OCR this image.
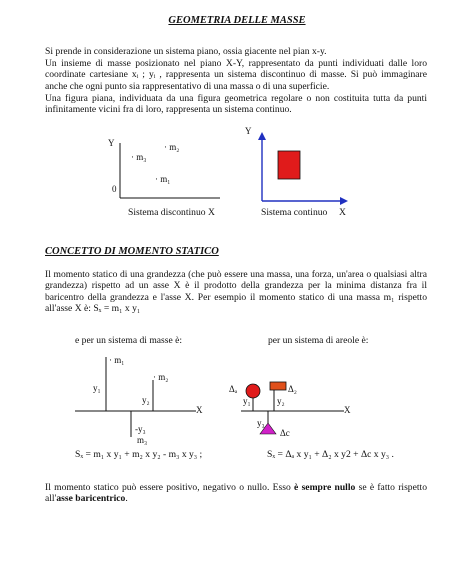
GEOMETRIA DELLE MASSE
Si prende in considerazione un sistema piano, ossia giacente nel pian x-y.
Un insieme di masse posizionato nel piano X-Y, rappresentato da punti individuati dalle loro coordinate cartesiane xᵢ ; yᵢ , rappresenta un sistema discontinuo di masse. Si può immaginare anche che ogni punto sia rappresentativo di una massa o di una superficie.
Una figura piana, individuata da una figura geometrica regolare o non costituita tutta da punti infinitamente vicini fra di loro, rappresenta un sistema continuo.
Y
0
· m₂
· m₃
· m₁
Sistema discontinuo X
Y
Sistema continuo X
CONCETTO DI MOMENTO STATICO
Il momento statico di una grandezza (che può essere una massa, una forza, un'area o qualsiasi altra grandezza) rispetto ad un asse X è il prodotto della grandezza per la minima distanza fra il baricentro della grandezza e l'asse X. Per esempio il momento statico di una massa m₁ rispetto all'asse X è: Sₓ = m₁ x y₁
e per un sistema di masse è:
· m₁
· m₂
y₁
y₂
X
-y₃
m₃
Sₓ = m₁ x y₁ + m₂ x y₂ - m₃ x y₃ ;
per un sistema di areole è:
Δₐ	Δ₂
y₁	y₂
X
y₃
Δc
Sₓ = Δₐ x y₁ + Δ₂ x y2 + Δc x y₃ .
Il momento statico può essere positivo, negativo o nullo. Esso è sempre nullo se è fatto rispetto all'asse baricentrico.
